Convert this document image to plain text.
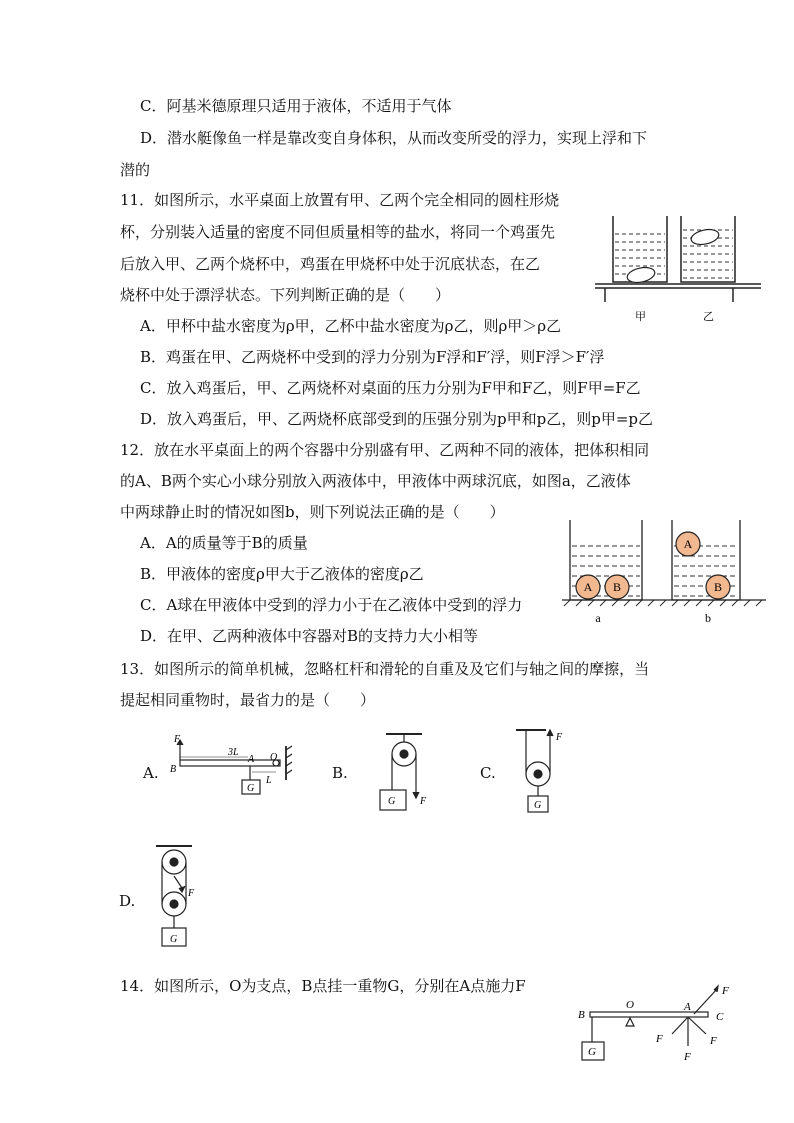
C．阿基米德原理只适用于液体，不适用于气体
D．潜水艇像鱼一样是靠改变自身体积，从而改变所受的浮力，实现上浮和下
潜的
11．如图所示，水平桌面上放置有甲、乙两个完全相同的圆柱形烧
杯，分别装入适量的密度不同但质量相等的盐水，将同一个鸡蛋先
后放入甲、乙两个烧杯中，鸡蛋在甲烧杯中处于沉底状态，在乙
烧杯中处于漂浮状态。下列判断正确的是（　　）
A．甲杯中盐水密度为ρ甲，乙杯中盐水密度为ρ乙，则ρ甲＞ρ乙
B．鸡蛋在甲、乙两烧杯中受到的浮力分别为F浮和F′浮，则F浮＞F′浮
C．放入鸡蛋后，甲、乙两烧杯对桌面的压力分别为F甲和F乙，则F甲=F乙
D．放入鸡蛋后，甲、乙两烧杯底部受到的压强分别为p甲和p乙，则p甲=p乙
甲	乙
12．放在水平桌面上的两个容器中分别盛有甲、乙两种不同的液体，把体积相同
的A、B两个实心小球分别放入两液体中，甲液体中两球沉底，如图a，乙液体
中两球静止时的情况如图b，则下列说法正确的是（　　）
A．A的质量等于B的质量
B．甲液体的密度ρ甲大于乙液体的密度ρ乙
C．A球在甲液体中受到的浮力小于在乙液体中受到的浮力
D．在甲、乙两种液体中容器对B的支持力大小相等
A B
A
B
a	b
13．如图所示的简单机械，忽略杠杆和滑轮的自重及及它们与轴之间的摩擦，当
提起相同重物时，最省力的是（　　）
A.	B.	C.
D.
F
3L
B
A O
L
G
G F
F
G
F
G
14．如图所示，O为支点，B点挂一重物G，分别在A点施力F
B
O	A
C
F
F
F
F
G
